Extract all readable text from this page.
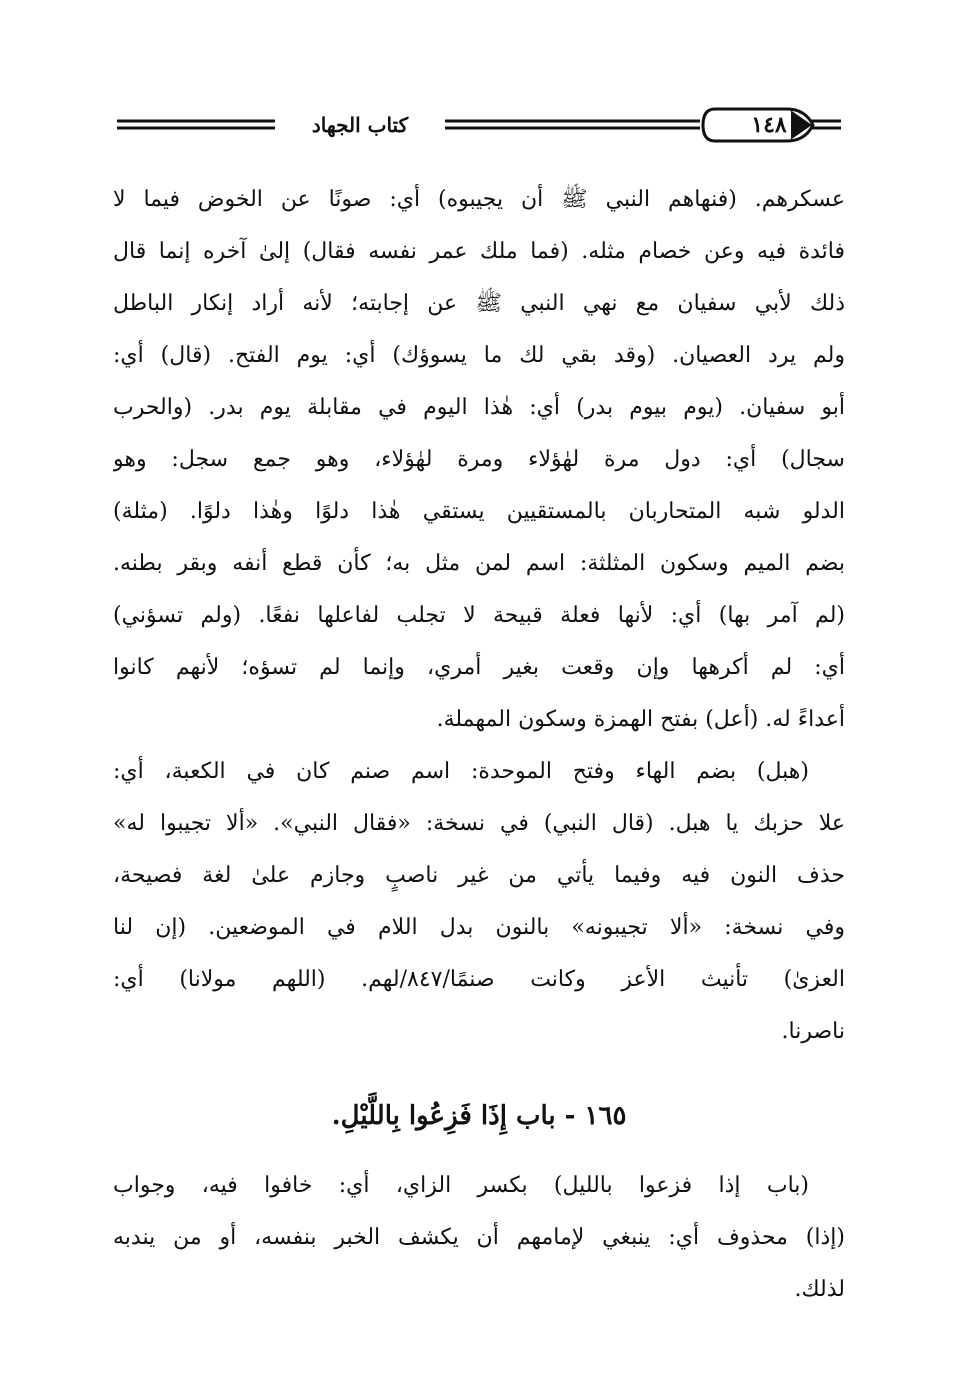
١٤٨
كتاب الجهاد
عسكرهم. (فنهاهم النبي ﷺ أن يجيبوه) أي: صونًا عن الخوض فيما لا
فائدة فيه وعن خصام مثله. (فما ملك عمر نفسه فقال) إلىٰ آخره إنما قال
ذلك لأبي سفيان مع نهي النبي ﷺ عن إجابته؛ لأنه أراد إنكار الباطل
ولم يرد العصيان. (وقد بقي لك ما يسوؤك) أي: يوم الفتح. (قال) أي:
أبو سفيان. (يوم بيوم بدر) أي: هٰذا اليوم في مقابلة يوم بدر. (والحرب
سجال) أي: دول مرة لهٰؤلاء ومرة لهٰؤلاء، وهو جمع سجل: وهو
الدلو شبه المتحاربان بالمستقيين يستقي هٰذا دلوًا وهٰذا دلوًا. (مثلة)
بضم الميم وسكون المثلثة: اسم لمن مثل به؛ كأن قطع أنفه وبقر بطنه.
(لم آمر بها) أي: لأنها فعلة قبيحة لا تجلب لفاعلها نفعًا. (ولم تسؤني)
أي: لم أكرهها وإن وقعت بغير أمري، وإنما لم تسؤه؛ لأنهم كانوا
أعداءً له. (أعل) بفتح الهمزة وسكون المهملة.
(هبل) بضم الهاء وفتح الموحدة: اسم صنم كان في الكعبة، أي:
علا حزبك يا هبل. (قال النبي) في نسخة: «فقال النبي». «ألا تجيبوا له»
حذف النون فيه وفيما يأتي من غير ناصبٍ وجازم علىٰ لغة فصيحة،
وفي نسخة: «ألا تجيبونه» بالنون بدل اللام في الموضعين. (إن لنا
العزىٰ) تأنيث الأعز وكانت صنمًا/٨٤٧/لهم. (اللهم مولانا) أي:
ناصرنا.
١٦٥ - باب إِذَا فَزِعُوا بِاللَّيْلِ.
(باب إذا فزعوا بالليل) بكسر الزاي، أي: خافوا فيه، وجواب
(إذا) محذوف أي: ينبغي لإمامهم أن يكشف الخبر بنفسه، أو من يندبه
لذلك.
